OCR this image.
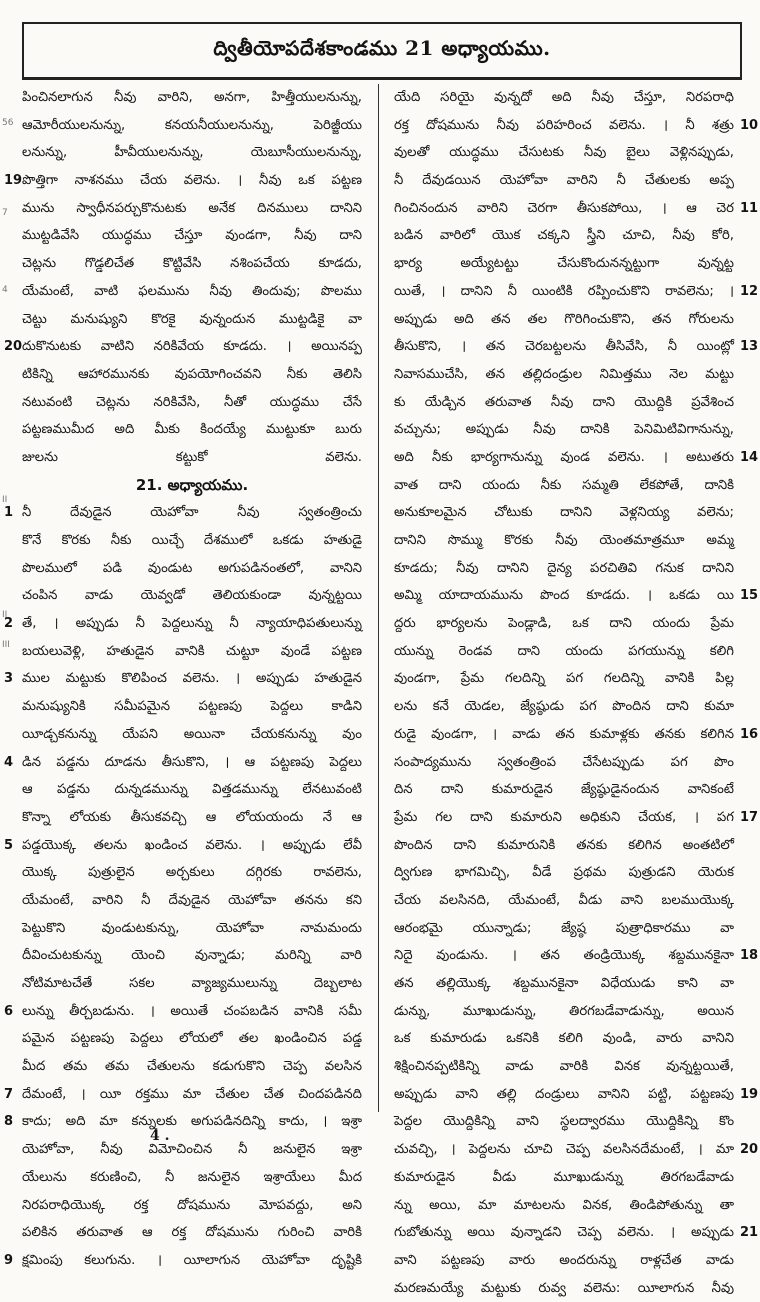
ద్వితీయోపదేశకాండము 21 అధ్యాయము.
పించినలాగున నీవు వారిని, అనగా, హిత్తీయులనున్ను,
ఆమోరీయులనున్ను, కనయనీయులనున్ను, పెరిజ్జీయు
లనున్ను, హీవీయులనున్ను, యెబూసీయులనున్ను,
పొత్తిగా నాశనము చేయ వలెను. । నీవు ఒక పట్టణ
19
మును స్వాధీనపర్చుకొనుటకు అనేక దినములు దానిని
ముట్టడివేసి యుద్ధము చేస్తూ వుండగా, నీవు దాని
చెట్లను గొడ్డలిచేత కొట్టివేసి నశింపచేయ కూడదు,
యేమంటే, వాటి ఫలమును నీవు తిందువు; పొలము
చెట్టు మనుష్యుని కొరకై వున్నందున ముట్టడికై వా
దుకొనుటకు వాటిని నరికివేయ కూడదు. । అయినప్ప
20
టికిన్ని ఆహారమునకు వుపయోగించవని నీకు తెలిసి
నటువంటి చెట్లను నరికివేసి, నీతో యుద్ధము చేసే
పట్టణముమీద అది మీకు కిందయ్యే ముట్టుకూ బురు
జులను కట్టుకో వలెను.
21. అధ్యాయము.
నీ దేవుడైన యెహోవా నీవు స్వతంత్రించు
1
కొనే కొరకు నీకు యిచ్చే దేశములో ఒకడు హతుడై
పొలములో పడి వుండుట అగుపడినంతలో, వానిని
చంపిన వాడు యెవ్వడో తెలియకుండా వున్నట్టయి
తే, । అప్పుడు నీ పెద్దలున్ను నీ న్యాయాధిపతులున్ను
2
బయలువెళ్లి, హతుడైన వానికి చుట్టూ వుండే పట్టణ
ముల మట్టుకు కొలిపించ వలెను. । అప్పుడు హతుడైన
3
మనుష్యునికి సమీపమైన పట్టణపు పెద్దలు కాడిని
యీడ్చకనున్ను యేపని అయినా చేయకనున్ను వుం
డిన పడ్డను దూడను తీసుకొని, । ఆ పట్టణపు పెద్దలు
4
ఆ పడ్డను దున్నడమున్ను విత్తడమున్ను లేనటువంటి
కొన్నా లోయకు తీసుకవచ్చి ఆ లోయయందు నే ఆ
పడ్డయొక్క తలను ఖండించ వలెను. । అప్పుడు లేవీ
5
యొక్క పుత్రులైన అర్చకులు దగ్గిరకు రావలెను,
యేమంటే, వారిని నీ దేవుడైన యెహోవా తనను కని
పెట్టుకొని వుండుటకున్ను, యెహోవా నామమందు
దీవించుటకున్ను యెంచి వున్నాడు; మరిన్ని వారి
నోటిమాటచేతే సకల వ్యాజ్యములున్ను దెబ్బలాట
లున్ను తీర్చబడును. । అయితే చంపబడిన వానికి సమీ
6
పమైన పట్టణపు పెద్దలు లోయలో తల ఖండించిన పడ్డ
మీద తమ తమ చేతులను కడుగుకొని చెప్ప వలసిన
దేమంటే, । యీ రక్తము మా చేతుల చేత చిందపడినది
7
కాదు; అది మా కన్నులకు అగుపడినదిన్ని కాదు, । ఇశ్రా
8
యెహోవా, నీవు విమోచించిన నీ జనులైన ఇశ్రా
యేలును కరుణించి, నీ జనులైన ఇశ్రాయేలు మీద
నిరపరాధియొక్క రక్త దోషమును మోపవద్దు, అని
పలికిన తరువాత ఆ రక్త దోషమును గురించి వారికి
క్షమింపు కలుగును. । యీలాగున యెహోవా దృష్టికి
9
యేది సరియై వున్నదో అది నీవు చేస్తూ, నిరపరాధి
రక్త దోషమును నీవు పరిహరించ వలెను. । నీ శత్రు 10
వులతో యుద్ధము చేసుటకు నీవు బైలు వెళ్లినప్పుడు,
నీ దేవుడయిన యెహోవా వారిని నీ చేతులకు అప్ప
గించినందున వారిని చెరగా తీసుకపోయి, । ఆ చెర 11
బడిన వారిలో యొక చక్కని స్త్రీని చూచి, నీవు కోరి,
భార్య అయ్యేటట్టు చేసుకొందునన్నట్టుగా వున్నట్ట
యితే, । దానిని నీ యింటికి రప్పించుకొని రావలెను; । 12
అప్పుడు అది తన తల గొరిగించుకొని, తన గోరులను
తీసుకొని, । తన చెరబట్టలను తీసివేసి, నీ యింట్లో 13
నివాసముచేసి, తన తల్లిదండ్రుల నిమిత్తము నెల మట్టు
కు యేడ్చిన తరువాత నీవు దాని యొద్దికి ప్రవేశించ
వచ్చును; అప్పుడు నీవు దానికి పెనిమిటివిగానున్ను,
అది నీకు భార్యగానున్ను వుండ వలెను. । అటుతరు 14
వాత దాని యందు నీకు సమ్మతి లేకపోతే, దానికి
అనుకూలమైన చోటుకు దానిని వెళ్లనియ్య వలెను;
దానిని సొమ్ము కొరకు నీవు యెంతమాత్రమూ అమ్మ
కూడదు; నీవు దానిని దైన్య పరచితివి గనుక దానిని
అమ్మి యాదాయమును పొంద కూడదు. । ఒకడు యి 15
ద్దరు భార్యలను పెండ్లాడి, ఒక దాని యందు ప్రేమ
యున్ను రెండవ దాని యందు పగయున్ను కలిగి
వుండగా, ప్రేమ గలదిన్ని పగ గలదిన్ని వానికి పిల్ల
లను కనే యెడల, జ్యేష్ఠుడు పగ పొందిన దాని కుమా
రుడై వుండగా, । వాడు తన కుమాళ్లకు తనకు కలిగిన 16
సంపాద్యమును స్వతంత్రింప చేసేటప్పుడు పగ పొం
దిన దాని కుమారుడైన జ్యేష్ఠుడైనందున వానికంటే
ప్రేమ గల దాని కుమారుని అధికుని చేయక, । పగ 17
పొందిన దాని కుమారునికి తనకు కలిగిన అంతటిలో
ద్విగుణ భాగమిచ్చి, వీడే ప్రథమ పుత్రుడని యెరుక
చేయ వలసినది, యేమంటే, వీడు వాని బలముయొక్క
ఆరంభమై యున్నాడు; జ్యేష్ఠ పుత్రాధికారము వా
నిదై వుండును. । తన తండ్రియొక్క శబ్దమునకైనా 18
తన తల్లియొక్క శబ్దమునకైనా విధేయుడు కాని వా
డున్ను, మూఖుడున్ను, తిరగబడేవాడున్ను, అయిన
ఒక కుమారుడు ఒకనికి కలిగి వుండి, వారు వానిని
శిక్షించినప్పటికిన్ని వాడు వారికి వినక వున్నట్టయితే,
అప్పుడు వాని తల్లి దండ్రులు వానిని పట్టి, పట్టణపు 19
పెద్దల యొద్దికిన్ని వాని స్థలద్వారము యొద్దికిన్ని కొం
చువచ్చి, । పెద్దలను చూచి చెప్ప వలసినదేమంటే, । మా 20
కుమారుడైన వీడు మూఖుడున్ను తిరగబడేవాడు
న్ను అయి, మా మాటలను వినక, తిండిపోతున్ను తా
గుబోతున్ను అయి వున్నాడని చెప్ప వలెను. । అప్పుడు 21
వాని పట్టణపు వారు అందరున్ను రాళ్లచేత వాడు
మరణమయ్యే మట్టుకు రువ్వ వలెను: యీలాగున నీవు
4 .
56
7
4
II
II
III
